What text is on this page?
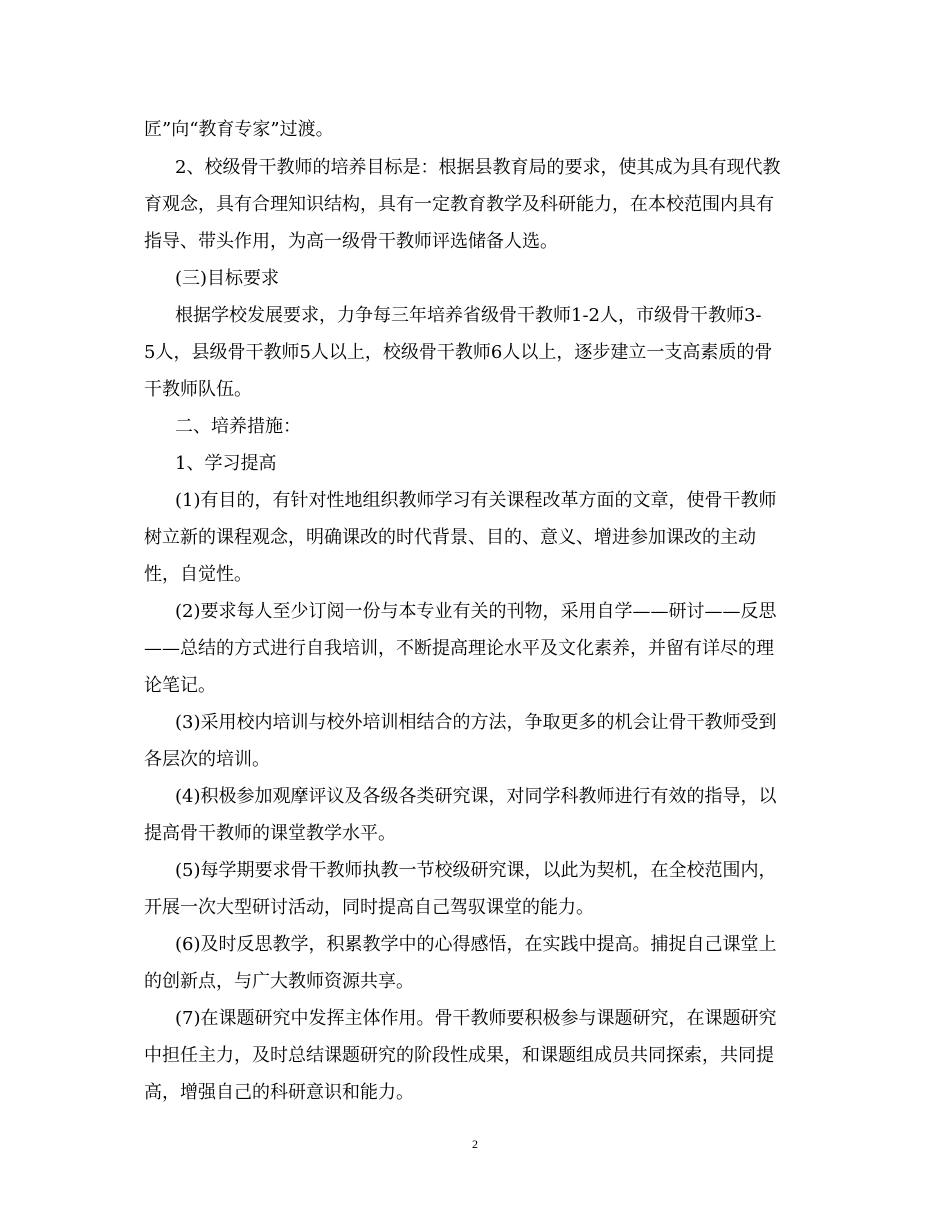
匠”向“教育专家”过渡。
2、校级骨干教师的培养目标是：根据县教育局的要求，使其成为具有现代教
育观念，具有合理知识结构，具有一定教育教学及科研能力，在本校范围内具有
指导、带头作用，为高一级骨干教师评选储备人选。
(三)目标要求
根据学校发展要求，力争每三年培养省级骨干教师1-2人，市级骨干教师3-
5人，县级骨干教师5人以上，校级骨干教师6人以上，逐步建立一支高素质的骨
干教师队伍。
二、培养措施：
1、学习提高
(1)有目的，有针对性地组织教师学习有关课程改革方面的文章，使骨干教师
树立新的课程观念，明确课改的时代背景、目的、意义、增进参加课改的主动
性，自觉性。
(2)要求每人至少订阅一份与本专业有关的刊物，采用自学——研讨——反思
——总结的方式进行自我培训，不断提高理论水平及文化素养，并留有详尽的理
论笔记。
(3)采用校内培训与校外培训相结合的方法，争取更多的机会让骨干教师受到
各层次的培训。
(4)积极参加观摩评议及各级各类研究课，对同学科教师进行有效的指导，以
提高骨干教师的课堂教学水平。
(5)每学期要求骨干教师执教一节校级研究课，以此为契机，在全校范围内，
开展一次大型研讨活动，同时提高自己驾驭课堂的能力。
(6)及时反思教学，积累教学中的心得感悟，在实践中提高。捕捉自己课堂上
的创新点，与广大教师资源共享。
(7)在课题研究中发挥主体作用。骨干教师要积极参与课题研究，在课题研究
中担任主力，及时总结课题研究的阶段性成果，和课题组成员共同探索，共同提
高，增强自己的科研意识和能力。
2
